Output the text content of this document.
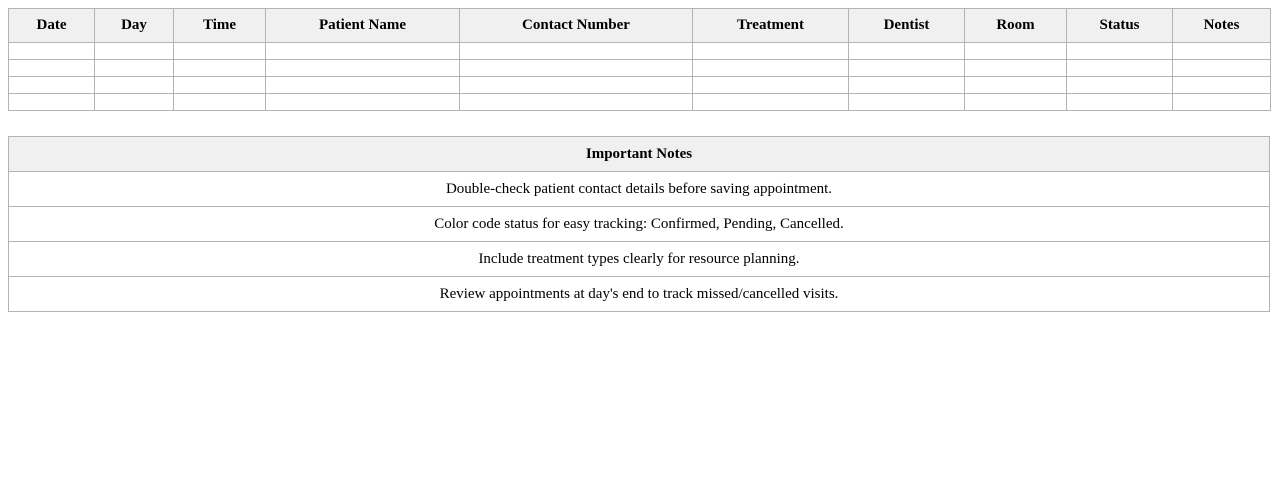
Date	Day	Time	Patient Name	Contact Number	Treatment	Dentist	Room	Status	Notes

Important Notes
Double-check patient contact details before saving appointment.
Color code status for easy tracking: Confirmed, Pending, Cancelled.
Include treatment types clearly for resource planning.
Review appointments at day's end to track missed/cancelled visits.
